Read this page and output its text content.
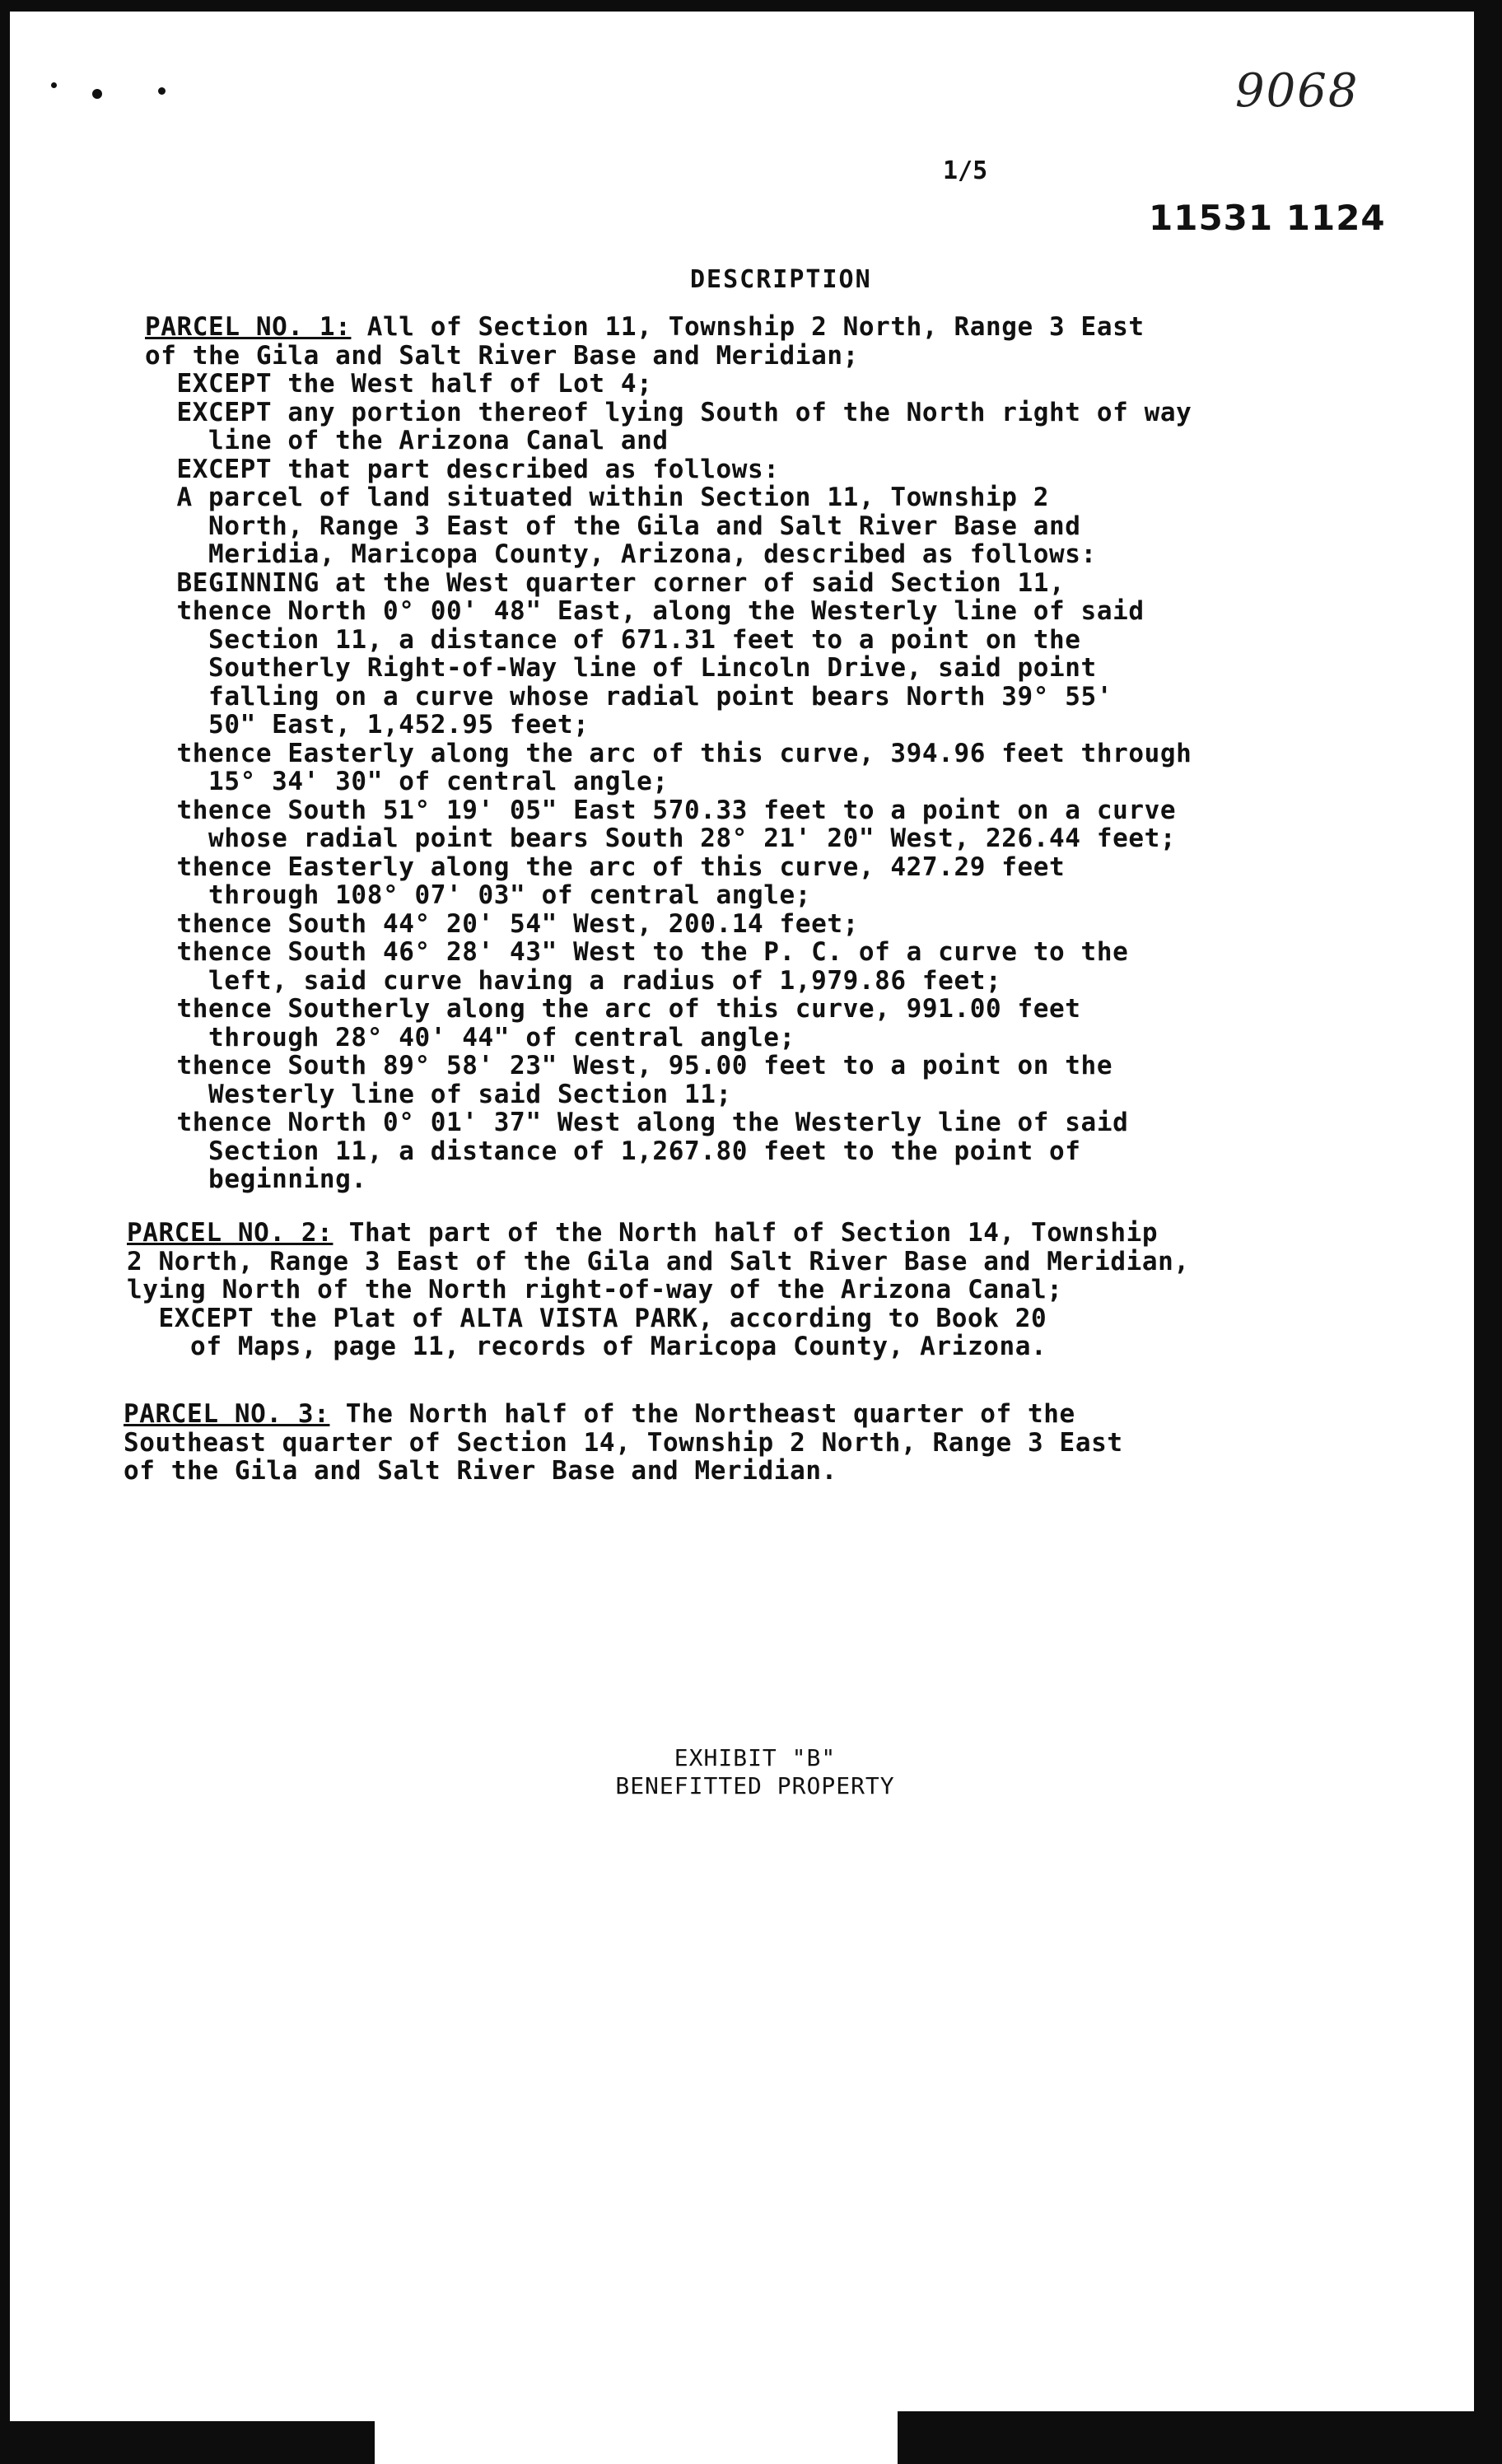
9068
1/5
11531 1124
DESCRIPTION
PARCEL NO. 1: All of Section 11, Township 2 North, Range 3 East
of the Gila and Salt River Base and Meridian;
EXCEPT the West half of Lot 4;
EXCEPT any portion thereof lying South of the North right of way
line of the Arizona Canal and
EXCEPT that part described as follows:
A parcel of land situated within Section 11, Township 2
North, Range 3 East of the Gila and Salt River Base and
Meridia, Maricopa County, Arizona, described as follows:
BEGINNING at the West quarter corner of said Section 11,
thence North 0° 00' 48" East, along the Westerly line of said
Section 11, a distance of 671.31 feet to a point on the
Southerly Right-of-Way line of Lincoln Drive, said point
falling on a curve whose radial point bears North 39° 55'
50" East, 1,452.95 feet;
thence Easterly along the arc of this curve, 394.96 feet through
15° 34' 30" of central angle;
thence South 51° 19' 05" East 570.33 feet to a point on a curve
whose radial point bears South 28° 21' 20" West, 226.44 feet;
thence Easterly along the arc of this curve, 427.29 feet
through 108° 07' 03" of central angle;
thence South 44° 20' 54" West, 200.14 feet;
thence South 46° 28' 43" West to the P. C. of a curve to the
left, said curve having a radius of 1,979.86 feet;
thence Southerly along the arc of this curve, 991.00 feet
through 28° 40' 44" of central angle;
thence South 89° 58' 23" West, 95.00 feet to a point on the
Westerly line of said Section 11;
thence North 0° 01' 37" West along the Westerly line of said
Section 11, a distance of 1,267.80 feet to the point of
beginning.
PARCEL NO. 2: That part of the North half of Section 14, Township
2 North, Range 3 East of the Gila and Salt River Base and Meridian,
lying North of the North right-of-way of the Arizona Canal;
EXCEPT the Plat of ALTA VISTA PARK, according to Book 20
of Maps, page 11, records of Maricopa County, Arizona.
PARCEL NO. 3: The North half of the Northeast quarter of the
Southeast quarter of Section 14, Township 2 North, Range 3 East
of the Gila and Salt River Base and Meridian.
EXHIBIT "B"
BENEFITTED PROPERTY
